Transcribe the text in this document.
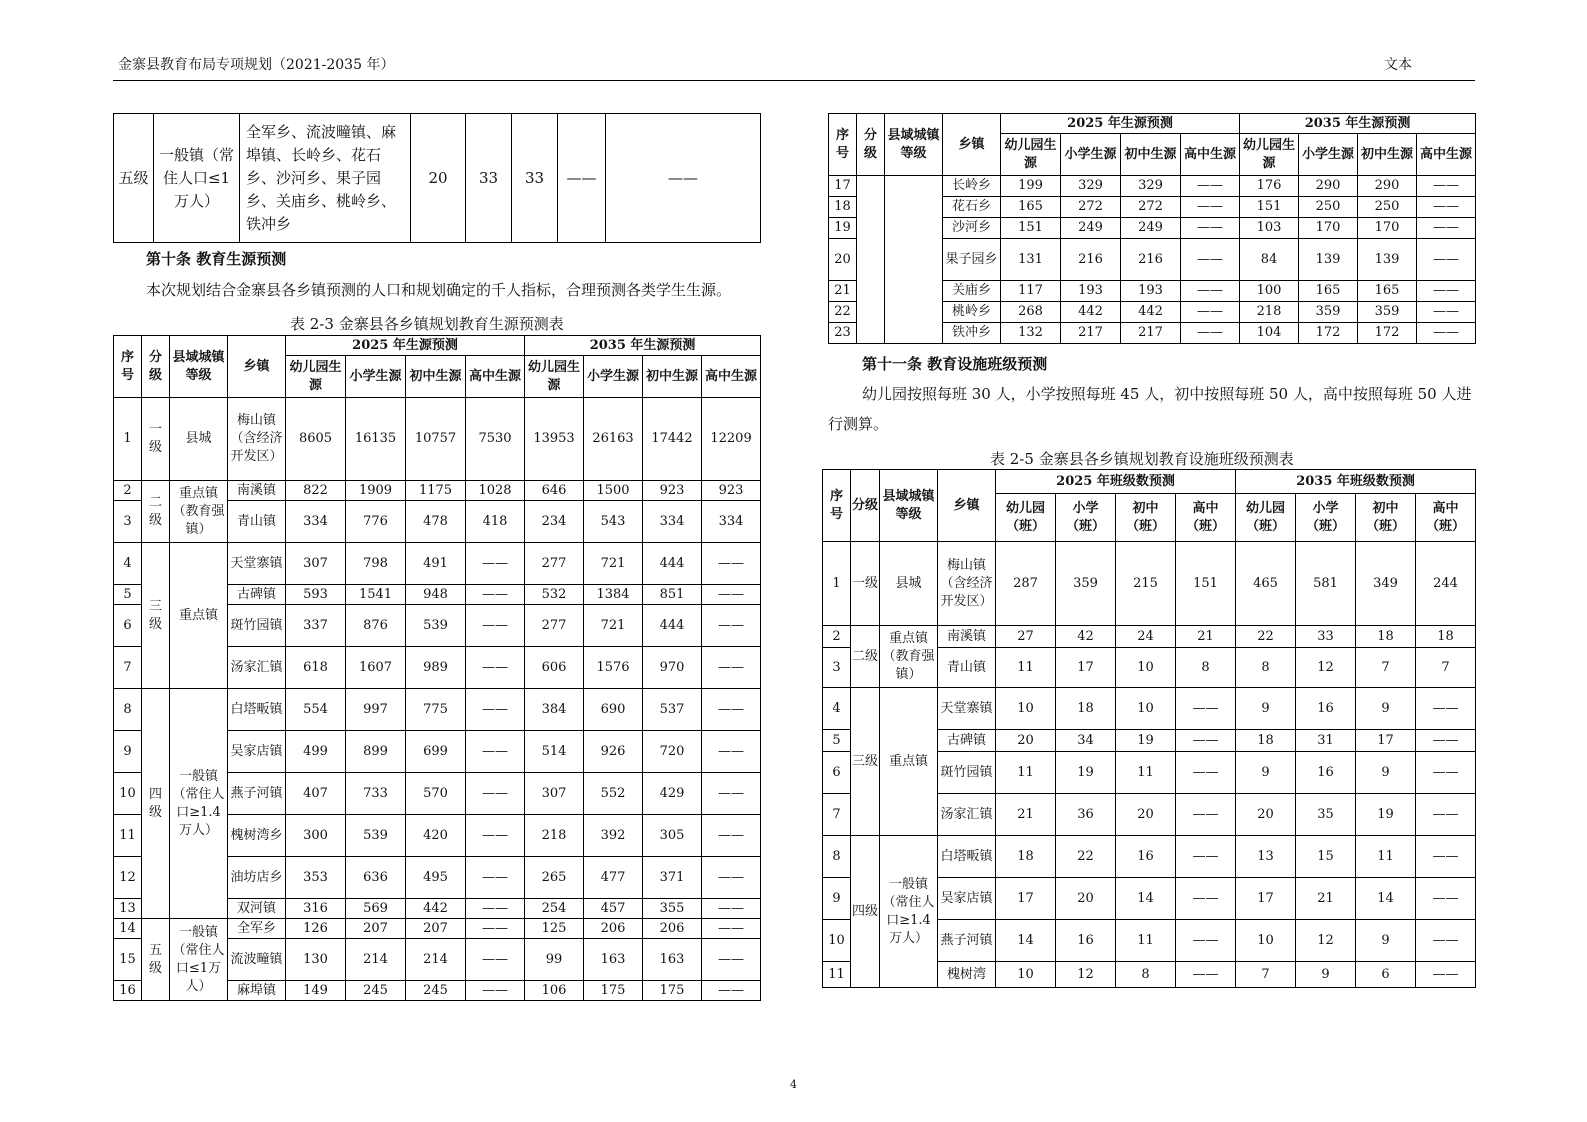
金寨县教育布局专项规划（2021-2035 年）	文本
五级	一般镇（常住人口≤1 万人）	全军乡、流波疃镇、麻埠镇、长岭乡、花石乡、沙河乡、果子园乡、关庙乡、桃岭乡、铁冲乡	20	33	33	——	——
第十条 教育生源预测
本次规划结合金寨县各乡镇预测的人口和规划确定的千人指标，合理预测各类学生生源。
表 2-3 金寨县各乡镇规划教育生源预测表
序号	分级	县域城镇等级	乡镇	2025 年生源预测				2035 年生源预测			
				幼儿园生源	小学生源	初中生源	高中生源	幼儿园生源	小学生源	初中生源	高中生源
1	一级	县城	梅山镇（含经济开发区）	8605	16135	10757	7530	13953	26163	17442	12209
2	二级	重点镇（教育强镇）	南溪镇	822	1909	1175	1028	646	1500	923	923
3			青山镇	334	776	478	418	234	543	334	334
4	三级	重点镇	天堂寨镇	307	798	491	——	277	721	444	——
5			古碑镇	593	1541	948	——	532	1384	851	——
6			斑竹园镇	337	876	539	——	277	721	444	——
7			汤家汇镇	618	1607	989	——	606	1576	970	——
8	四级	一般镇（常住人口≥1.4 万人）	白塔畈镇	554	997	775	——	384	690	537	——
9			吴家店镇	499	899	699	——	514	926	720	——
10			燕子河镇	407	733	570	——	307	552	429	——
11			槐树湾乡	300	539	420	——	218	392	305	——
12			油坊店乡	353	636	495	——	265	477	371	——
13			双河镇	316	569	442	——	254	457	355	——
14	五级	一般镇（常住人口≤1万人）	全军乡	126	207	207	——	125	206	206	——
15			流波疃镇	130	214	214	——	99	163	163	——
16			麻埠镇	149	245	245	——	106	175	175	——
序号	分级	县域城镇等级	乡镇	2025 年生源预测				2035 年生源预测			
				幼儿园生源	小学生源	初中生源	高中生源	幼儿园生源	小学生源	初中生源	高中生源
17			长岭乡	199	329	329	——	176	290	290	——
18			花石乡	165	272	272	——	151	250	250	——
19			沙河乡	151	249	249	——	103	170	170	——
20			果子园乡	131	216	216	——	84	139	139	——
21			关庙乡	117	193	193	——	100	165	165	——
22			桃岭乡	268	442	442	——	218	359	359	——
23			铁冲乡	132	217	217	——	104	172	172	——
第十一条 教育设施班级预测
幼儿园按照每班 30 人，小学按照每班 45 人，初中按照每班 50 人，高中按照每班 50 人进
行测算。
表 2-5 金寨县各乡镇规划教育设施班级预测表
序号	分级	县域城镇等级	乡镇	2025 年班级数预测				2035 年班级数预测			
				幼儿园（班）	小学（班）	初中（班）	高中（班）	幼儿园（班）	小学（班）	初中（班）	高中（班）
1	一级	县城	梅山镇（含经济开发区）	287	359	215	151	465	581	349	244
2	二级	重点镇（教育强镇）	南溪镇	27	42	24	21	22	33	18	18
3			青山镇	11	17	10	8	8	12	7	7
4	三级	重点镇	天堂寨镇	10	18	10	——	9	16	9	——
5			古碑镇	20	34	19	——	18	31	17	——
6			斑竹园镇	11	19	11	——	9	16	9	——
7			汤家汇镇	21	36	20	——	20	35	19	——
8	四级	一般镇（常住人口≥1.4 万人）	白塔畈镇	18	22	16	——	13	15	11	——
9			吴家店镇	17	20	14	——	17	21	14	——
10			燕子河镇	14	16	11	——	10	12	9	——
11			槐树湾	10	12	8	——	7	9	6	——
4
